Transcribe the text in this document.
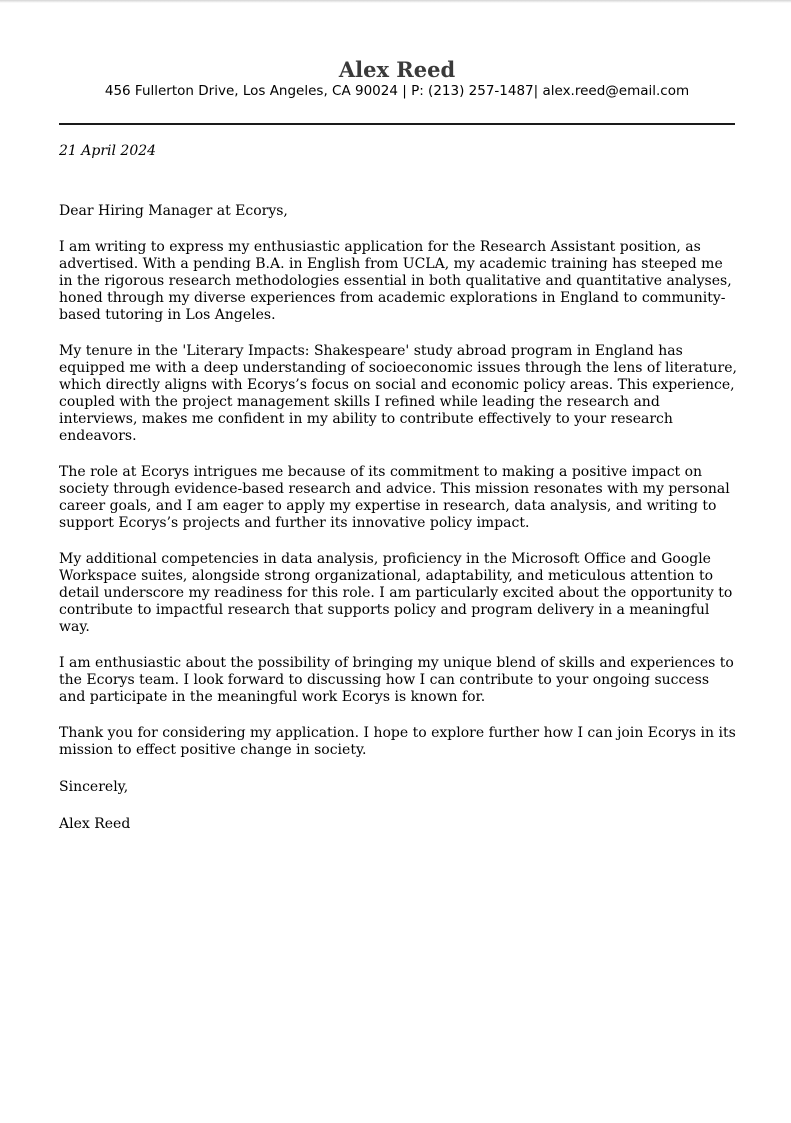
Alex Reed
456 Fullerton Drive, Los Angeles, CA 90024 | P: (213) 257-1487| alex.reed@email.com
21 April 2024
Dear Hiring Manager at Ecorys,

I am writing to express my enthusiastic application for the Research Assistant position, as advertised. With a pending B.A. in English from UCLA, my academic training has steeped me in the rigorous research methodologies essential in both qualitative and quantitative analyses, honed through my diverse experiences from academic explorations in England to community-based tutoring in Los Angeles.

My tenure in the 'Literary Impacts: Shakespeare' study abroad program in England has equipped me with a deep understanding of socioeconomic issues through the lens of literature, which directly aligns with Ecorys’s focus on social and economic policy areas. This experience, coupled with the project management skills I refined while leading the research and interviews, makes me confident in my ability to contribute effectively to your research endeavors.

The role at Ecorys intrigues me because of its commitment to making a positive impact on society through evidence-based research and advice. This mission resonates with my personal career goals, and I am eager to apply my expertise in research, data analysis, and writing to support Ecorys’s projects and further its innovative policy impact.

My additional competencies in data analysis, proficiency in the Microsoft Office and Google Workspace suites, alongside strong organizational, adaptability, and meticulous attention to detail underscore my readiness for this role. I am particularly excited about the opportunity to contribute to impactful research that supports policy and program delivery in a meaningful way.

I am enthusiastic about the possibility of bringing my unique blend of skills and experiences to the Ecorys team. I look forward to discussing how I can contribute to your ongoing success and participate in the meaningful work Ecorys is known for.

Thank you for considering my application. I hope to explore further how I can join Ecorys in its mission to effect positive change in society.

Sincerely,
Alex Reed
